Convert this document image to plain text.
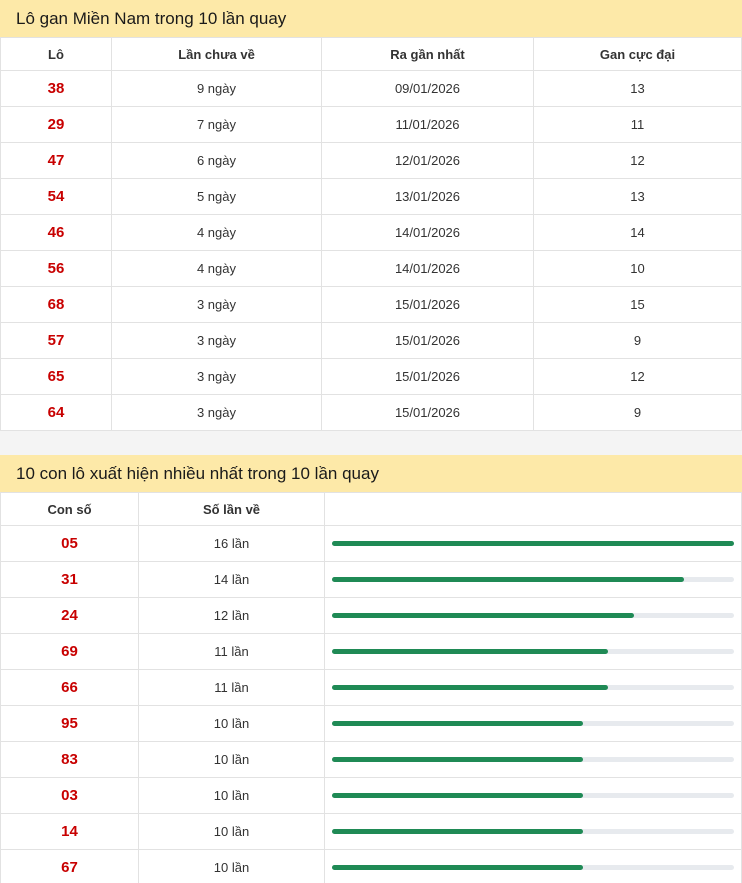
Lô gan Miền Nam trong 10 lần quay
Lô	Lần chưa về	Ra gần nhất	Gan cực đại
38	9 ngày	09/01/2026	13
29	7 ngày	11/01/2026	11
47	6 ngày	12/01/2026	12
54	5 ngày	13/01/2026	13
46	4 ngày	14/01/2026	14
56	4 ngày	14/01/2026	10
68	3 ngày	15/01/2026	15
57	3 ngày	15/01/2026	9
65	3 ngày	15/01/2026	12
64	3 ngày	15/01/2026	9
10 con lô xuất hiện nhiều nhất trong 10 lần quay
Con số	Số lần về	
05	16 lần	

31	14 lần	

24	12 lần	

69	11 lần	

66	11 lần	

95	10 lần	

83	10 lần	

03	10 lần	

14	10 lần	

67	10 lần	
